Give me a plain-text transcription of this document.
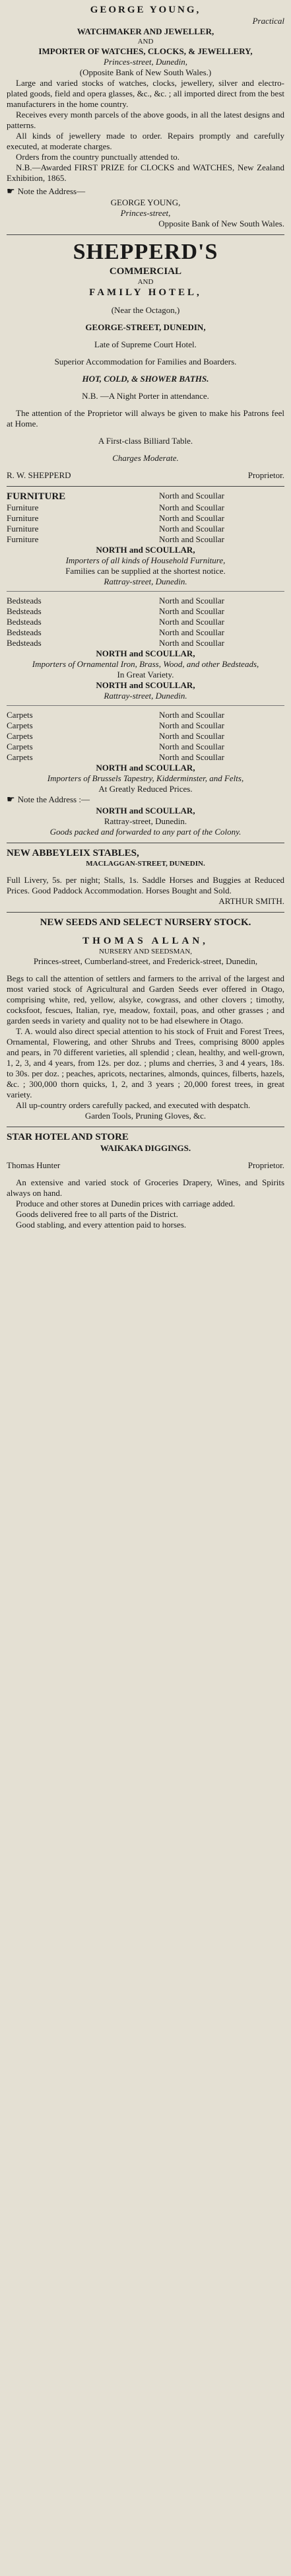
GEORGE YOUNG,
Practical
WATCHMAKER AND JEWELLER,
AND
IMPORTER OF WATCHES, CLOCKS, & JEWELLERY,
Princes-street, Dunedin,
(Opposite Bank of New South Wales.)
Large and varied stocks of watches, clocks, jewellery, silver and electro-plated goods, field and opera glasses, &c., &c. ; all imported direct from the best manufacturers in the home country.
Receives every month parcels of the above goods, in all the latest designs and patterns.
All kinds of jewellery made to order. Repairs promptly and carefully executed, at moderate charges.
Orders from the country punctually attended to.
N.B.—Awarded FIRST PRIZE for CLOCKS and WATCHES, New Zealand Exhibition, 1865.
☛ Note the Address—
GEORGE YOUNG,
Princes-street,
Opposite Bank of New South Wales.
SHEPPERD'S
COMMERCIAL
AND
FAMILY HOTEL,
(Near the Octagon,)
GEORGE-STREET, DUNEDIN,
Late of Supreme Court Hotel.
Superior Accommodation for Families and Boarders.
HOT, COLD, & SHOWER BATHS.
N.B. —A Night Porter in attendance.
The attention of the Proprietor will always be given to make his Patrons feel at Home.
A First-class Billiard Table.
Charges Moderate.
R. W. SHEPPERD	Proprietor.
FURNITURE	North and Scoullar
Furniture	North and Scoullar
Furniture	North and Scoullar
Furniture	North and Scoullar
Furniture	North and Scoullar
NORTH and SCOULLAR,
Importers of all kinds of Household Furniture,
Families can be supplied at the shortest notice.
Rattray-street, Dunedin.
Bedsteads	North and Scoullar
Bedsteads	North and Scoullar
Bedsteads	North and Scoullar
Bedsteads	North and Scoullar
Bedsteads	North and Scoullar
NORTH and SCOULLAR,
Importers of Ornamental Iron, Brass, Wood, and other Bedsteads,
In Great Variety.
NORTH and SCOULLAR,
Rattray-street, Dunedin.
Carpets	North and Scoullar
Carpets	North and Scoullar
Carpets	North and Scoullar
Carpets	North and Scoullar
Carpets	North and Scoullar
NORTH and SCOULLAR,
Importers of Brussels Tapestry, Kidderminster, and Felts,
At Greatly Reduced Prices.
☛ Note the Address :—
NORTH and SCOULLAR,
Rattray-street, Dunedin.
Goods packed and forwarded to any part of the Colony.
NEW ABBEYLEIX STABLES,
MACLAGGAN-STREET, DUNEDIN.
Full Livery, 5s. per night; Stalls, 1s. Saddle Horses and Buggies at Reduced Prices. Good Paddock Accommodation. Horses Bought and Sold.
ARTHUR SMITH.
NEW SEEDS AND SELECT NURSERY STOCK.
THOMAS ALLAN,
NURSERY AND SEEDSMAN,
Princes-street, Cumberland-street, and Frederick-street, Dunedin,
Begs to call the attention of settlers and farmers to the arrival of the largest and most varied stock of Agricultural and Garden Seeds ever offered in Otago, comprising white, red, yellow, alsyke, cowgrass, and other clovers ; timothy, cocksfoot, fescues, Italian, rye, meadow, foxtail, poas, and other grasses ; and garden seeds in variety and quality not to be had elsewhere in Otago.
T. A. would also direct special attention to his stock of Fruit and Forest Trees, Ornamental, Flowering, and other Shrubs and Trees, comprising 8000 apples and pears, in 70 different varieties, all splendid ; clean, healthy, and well-grown, 1, 2, 3, and 4 years, from 12s. per doz. ; plums and cherries, 3 and 4 years, 18s. to 30s. per doz. ; peaches, apricots, nectarines, almonds, quinces, filberts, hazels, &c. ; 300,000 thorn quicks, 1, 2, and 3 years ; 20,000 forest trees, in great variety.
All up-country orders carefully packed, and executed with despatch.
Garden Tools, Pruning Gloves, &c.
STAR HOTEL AND STORE
WAIKAKA DIGGINGS.
Thomas Hunter	Proprietor.
An extensive and varied stock of Groceries Drapery, Wines, and Spirits always on hand.
Produce and other stores at Dunedin prices with carriage added.
Goods delivered free to all parts of the District.
Good stabling, and every attention paid to horses.
